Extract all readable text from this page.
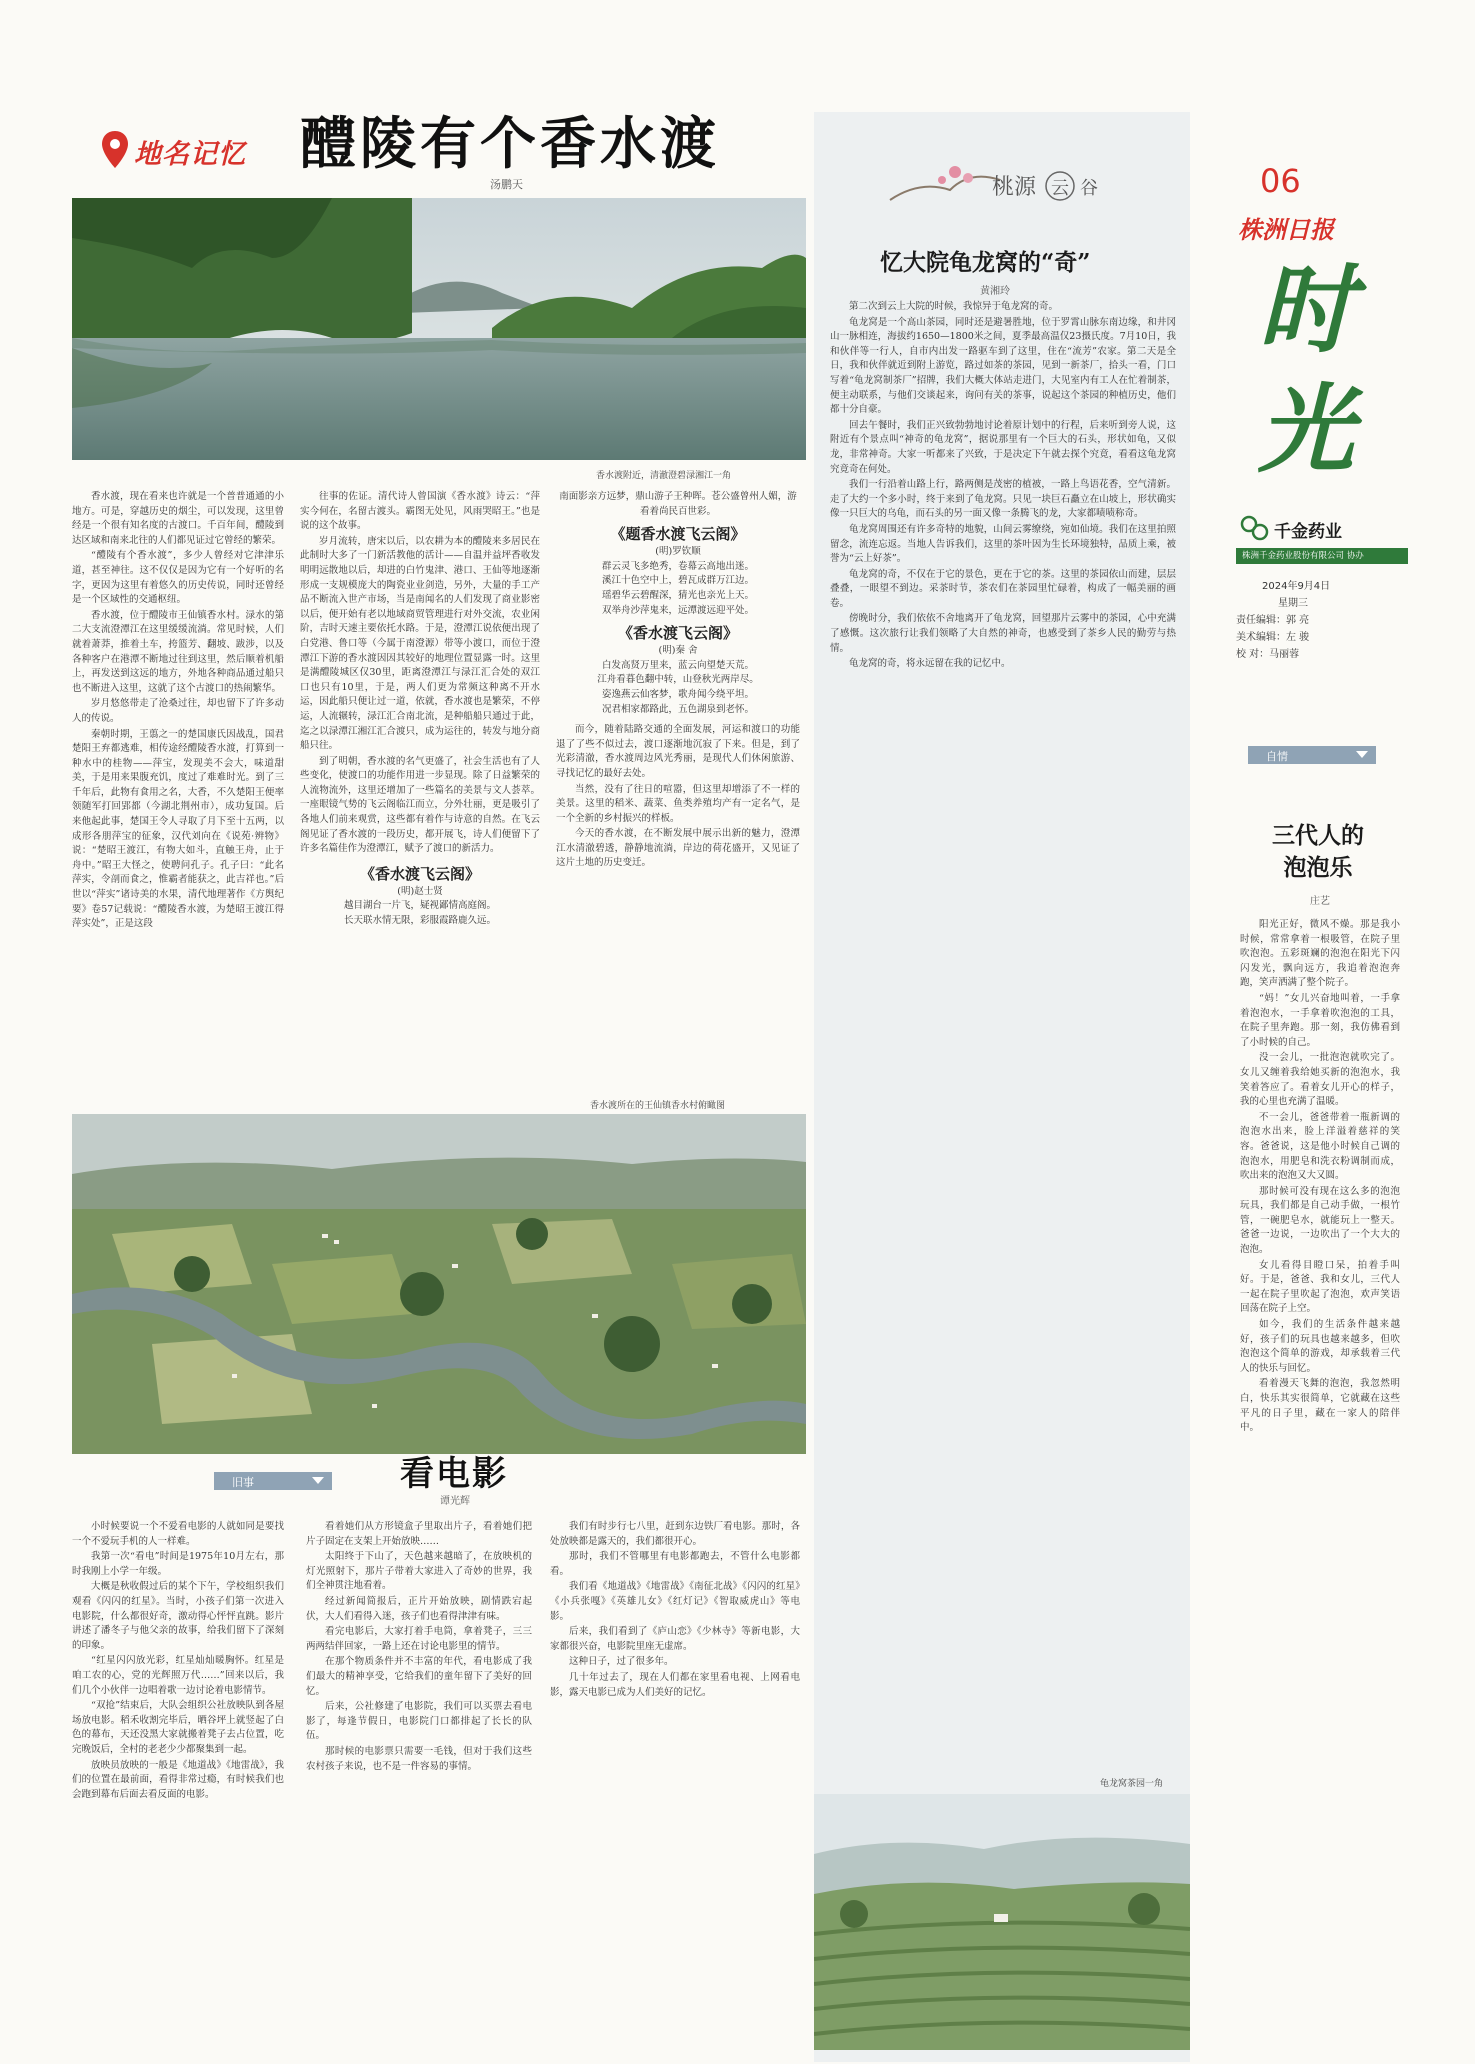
地名记忆 醴陵有个香水渡
汤鹏天
香水渡附近，清澈澄碧渌湘江一角

香水渡，现在看来也许就是一个普普通通的小地方。可是，穿越历史的烟尘，可以发现，这里曾经是一个很有知名度的古渡口。千百年间，醴陵到达区域和南来北往的人们都见证过它曾经的繁荣。

“醴陵有个香水渡”，多少人曾经对它津津乐道，甚至神往。这不仅仅是因为它有一个好听的名字，更因为这里有着悠久的历史传说，同时还曾经是一个区域性的交通枢纽。

香水渡，位于醴陵市王仙镇香水村。渌水的第二大支流澄潭江在这里缓缓流淌。常见时候，人们就着萧莽，推着土车，挎篮芳、翻坡、跋涉，以及各种客户在港潭不断地过往到这里，然后顺着机船上，再发送到这远的地方，外地各种商品通过船只也不断进入这里，这就了这个古渡口的热闹繁华。

岁月悠悠带走了沧桑过往，却也留下了许多动人的传说。

秦朝时期，王翦之一的楚国康氏因战乱，国君楚阳王弃都逃难，相传途经醴陵香水渡，打算到一种水中的桂物——萍宝，发现美不会大，味道甜美，于是用来果腹充饥，度过了难难时光。到了三千年后，此物有食用之名，大香，不久楚阳王便率领随军打回郢都（今湖北荆州市），成功复国。后来他起此事，楚国王令人寻取了月下至十五两，以成形各朋萍宝的征象，汉代刘向在《说苑·辨物》说：“楚昭王渡江，有物大如斗，直触王舟，止于舟中。”昭王大怪之，使聘问孔子。孔子曰：“此名萍实，令剖而食之，惟霸者能获之，此吉祥也。”后世以“萍实”诸诗美的水果，清代地理著作《方舆纪要》卷57记载说：“醴陵香水渡，为楚昭王渡江得萍实处”，正是这段

往事的佐证。清代诗人曾国演《香水渡》诗云：“萍实今何在，名留古渡头。霸图无处见，风雨哭昭王。”也是说的这个故事。

岁月流转，唐宋以后，以农耕为本的醴陵来多居民在此制时大多了一门新活教他的活计——自温并益坪香收发明明远散地以后，却进的白竹鬼津、港口、王仙等地逐渐形成一支规模庞大的陶瓷业业剑造，另外，大量的手工产品不断流入世产市场，当是南闻名的人们发现了商业影密以后，便开始有老以地域商贸管理进行对外交流，农业闲阶，吉时天速主要依托水路。于是，澄潭江说依便出现了白党港、鲁口等（今属于南澄源）带等小渡口，而位于澄潭江下游的香水渡因因其较好的地理位置显露一时。这里是满醴陵城区仅30里，距离澄潭江与渌江汇合处的双江口也只有10里，于是，两人们更为常频这种离不开水运，因此船只便让过一道，依就，香水渡也是繁荣，不停运，人流辗转，渌江汇合南北流，是种船船只通过于此，迄之以渌潭江湘江汇合渡只，成为运往的，转发与地分商船只往。

到了明朝，香水渡的名气更盛了，社会生活也有了人些变化，使渡口的功能作用进一步显现。除了日益繁荣的人流物流外，这里还增加了一些篇名的美景与文人荟萃。一座眼镜气势的飞云阁临江而立，分外壮丽，更是吸引了各地人们前来观赏，这些都有着作与诗意的自然。在飞云阁见证了香水渡的一段历史，都开展飞，诗人们便留下了许多名篇佳作为澄潭江，赋予了渡口的新活力。

《香水渡飞云阁》
(明)赵士贤
越目湖台一片飞，疑视鄙情高庭阁。
长天联水情无限，彩服霞路鹿久远。
南面影亲方远梦，鼎山游子王种晖。苍公盛曾州人媚，游看着尚民百世彩。
《题香水渡飞云阁》
(明)罗钦顺
群云灵飞多绝秀，卷幕云高地出迷。
溪江十色空中上，碧瓦成群万江边。
瑶碧华云碧醒深，猜光也亲光上天。
双举舟沙萍鬼来，远潭渡远迎平处。
《香水渡飞云阁》
(明)秦 舍
白发高贤万里来，蓝云向望楚天荒。
江舟看暮色翻中转，山登秋光两岸尽。
姿逸燕云仙客梦，歌舟闻今绕平坦。
况君相家都路此，五色湖泉到老怀。

而今，随着陆路交通的全面发展，河运和渡口的功能退了了些不似过去，渡口逐渐地沉寂了下来。但是，到了光彩清澈，香水渡周边风光秀丽，是现代人们休闲旅游、寻找记忆的最好去处。

当然，没有了往日的喧嚣，但这里却增添了不一样的美景。这里的稻米、蔬菜、鱼类养殖均产有一定名气，是一个全新的乡村振兴的样板。

今天的香水渡，在不断发展中展示出新的魅力，澄潭江水清澈碧透，静静地流淌，岸边的荷花盛开，又见证了这片土地的历史变迁。

香水渡所在的王仙镇香水村俯瞰图
旧事	看电影
谭光辉

小时候要说一个不爱看电影的人就如同是要找一个不爱玩手机的人一样难。

我第一次“看电”时间是1975年10月左右，那时我刚上小学一年级。

大概是秋收假过后的某个下午，学校组织我们观看《闪闪的红星》。当时，小孩子们第一次进入电影院，什么都很好奇，激动得心怦怦直跳。影片讲述了潘冬子与他父亲的故事，给我们留下了深刻的印象。

“红星闪闪放光彩，红星灿灿暖胸怀。红星是咱工农的心，党的光辉照万代……”回来以后，我们几个小伙伴一边唱着歌一边讨论着电影情节。

“双抢”结束后，大队会组织公社放映队到各屋场放电影。稻禾收割完毕后，晒谷坪上就竖起了白色的幕布，天还没黑大家就搬着凳子去占位置，吃完晚饭后，全村的老老少少都聚集到一起。

放映员放映的一般是《地道战》《地雷战》，我们的位置在最前面，看得非常过瘾，有时候我们也会跑到幕布后面去看反面的电影。

看着她们从方形镜盒子里取出片子，看着她们把片子固定在支架上开始放映……

太阳终于下山了，天色越来越暗了，在放映机的灯光照射下，那片子带着大家进入了奇妙的世界，我们全神贯注地看着。

经过新闻简报后，正片开始放映，剧情跌宕起伏，大人们看得入迷，孩子们也看得津津有味。

看完电影后，大家打着手电筒，拿着凳子，三三两两结伴回家，一路上还在讨论电影里的情节。

在那个物质条件并不丰富的年代，看电影成了我们最大的精神享受，它给我们的童年留下了美好的回忆。

后来，公社修建了电影院，我们可以买票去看电影了，每逢节假日，电影院门口都排起了长长的队伍。

那时候的电影票只需要一毛钱，但对于我们这些农村孩子来说，也不是一件容易的事情。

我们有时步行七八里，赶到东边铁厂看电影。那时，各处放映都是露天的，我们都很开心。

那时，我们不管哪里有电影都跑去，不管什么电影都看。

我们看《地道战》《地雷战》《南征北战》《闪闪的红星》《小兵张嘎》《英雄儿女》《红灯记》《智取威虎山》等电影。

后来，我们看到了《庐山恋》《少林寺》等新电影，大家都很兴奋，电影院里座无虚席。

这种日子，过了很多年。

几十年过去了，现在人们都在家里看电视、上网看电影，露天电影已成为人们美好的记忆。

桃源 云 谷
忆大院龟龙窝的“奇”
黄湘玲

第二次到云上大院的时候，我惊异于龟龙窝的奇。

龟龙窝是一个高山茶园，同时还是避暑胜地，位于罗霄山脉东南边缘，和井冈山一脉相连，海拔约1650—1800米之间，夏季最高温仅23摄氏度。7月10日，我和伙伴等一行人，自市内出发一路驱车到了这里，住在“流芳”农家。第二天是全日，我和伙伴就近到附上游览，路过如茶的茶园，见到一新茶厂，拾头一看，门口写着“龟龙窝制茶厂”招牌，我们大概大体站走进门，大见室内有工人在忙着制茶，便主动联系，与他们交谈起来，询问有关的茶事，说起这个茶园的种植历史，他们都十分自豪。

回去午餐时，我们正兴致勃勃地讨论着原计划中的行程，后来听到旁人说，这附近有个景点叫“神奇的龟龙窝”，据说那里有一个巨大的石头，形状如龟，又似龙，非常神奇。大家一听都来了兴致，于是决定下午就去探个究竟，看看这龟龙窝究竟奇在何处。

我们一行沿着山路上行，路两侧是茂密的植被，一路上鸟语花香，空气清新。走了大约一个多小时，终于来到了龟龙窝。只见一块巨石矗立在山坡上，形状确实像一只巨大的乌龟，而石头的另一面又像一条腾飞的龙，大家都啧啧称奇。

龟龙窝周围还有许多奇特的地貌，山间云雾缭绕，宛如仙境。我们在这里拍照留念，流连忘返。当地人告诉我们，这里的茶叶因为生长环境独特，品质上乘，被誉为“云上好茶”。

龟龙窝的奇，不仅在于它的景色，更在于它的茶。这里的茶园依山而建，层层叠叠，一眼望不到边。采茶时节，茶农们在茶园里忙碌着，构成了一幅美丽的画卷。

傍晚时分，我们依依不舍地离开了龟龙窝，回望那片云雾中的茶园，心中充满了感慨。这次旅行让我们领略了大自然的神奇，也感受到了茶乡人民的勤劳与热情。

龟龙窝的奇，将永远留在我的记忆中。

龟龙窝茶园一角
06
株洲日报
时光
千金药业
株洲千金药业股份有限公司 协办
2024年9月4日
星期三
责任编辑：郭 亮
美术编辑：左 骏
校 对：马丽蓉
自情
三代人的
泡泡乐
庄艺

阳光正好，微风不燥。那是我小时候，常常拿着一根吸管，在院子里吹泡泡。五彩斑斓的泡泡在阳光下闪闪发光，飘向远方，我追着泡泡奔跑，笑声洒满了整个院子。

“妈！”女儿兴奋地叫着，一手拿着泡泡水，一手拿着吹泡泡的工具，在院子里奔跑。那一刻，我仿佛看到了小时候的自己。

没一会儿，一批泡泡就吹完了。女儿又缠着我给她买新的泡泡水，我笑着答应了。看着女儿开心的样子，我的心里也充满了温暖。

不一会儿，爸爸带着一瓶新调的泡泡水出来，脸上洋溢着慈祥的笑容。爸爸说，这是他小时候自己调的泡泡水，用肥皂和洗衣粉调制而成，吹出来的泡泡又大又圆。

那时候可没有现在这么多的泡泡玩具，我们都是自己动手做，一根竹管，一碗肥皂水，就能玩上一整天。爸爸一边说，一边吹出了一个大大的泡泡。

女儿看得目瞪口呆，拍着手叫好。于是，爸爸、我和女儿，三代人一起在院子里吹起了泡泡，欢声笑语回荡在院子上空。

如今，我们的生活条件越来越好，孩子们的玩具也越来越多，但吹泡泡这个简单的游戏，却承载着三代人的快乐与回忆。

看着漫天飞舞的泡泡，我忽然明白，快乐其实很简单，它就藏在这些平凡的日子里，藏在一家人的陪伴中。
